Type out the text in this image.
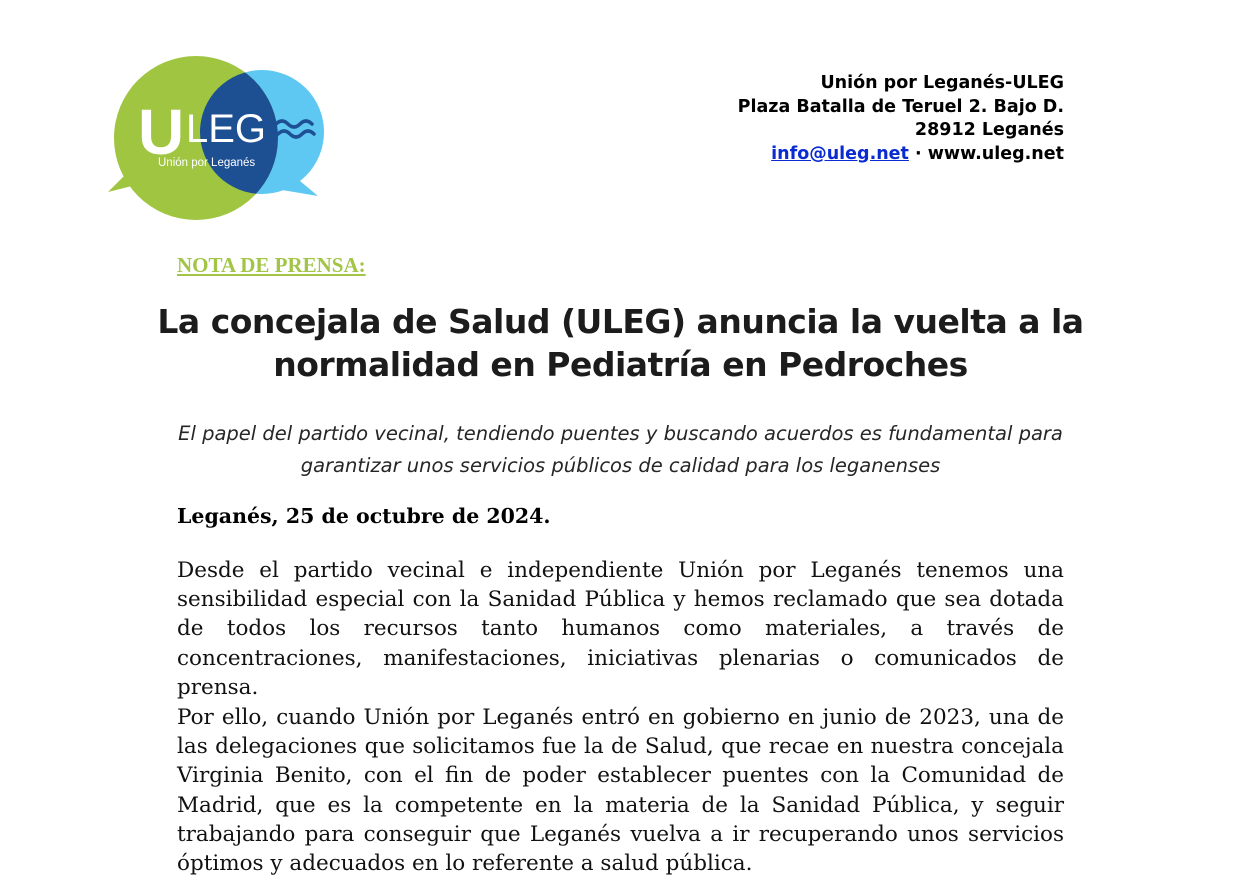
U LEG
Unión por Leganés
Unión por Leganés-ULEG
Plaza Batalla de Teruel 2. Bajo D.
28912 Leganés
info@uleg.net · www.uleg.net
NOTA DE PRENSA:
La concejala de Salud (ULEG) anuncia la vuelta a la normalidad en Pediatría en Pedroches
El papel del partido vecinal, tendiendo puentes y buscando acuerdos es fundamental para garantizar unos servicios públicos de calidad para los leganenses
Leganés, 25 de octubre de 2024.

Desde el partido vecinal e independiente Unión por Leganés tenemos una sensibilidad especial con la Sanidad Pública y hemos reclamado que sea dotada de todos los recursos tanto humanos como materiales, a través de concentraciones, manifestaciones, iniciativas plenarias o comunicados de prensa.

Por ello, cuando Unión por Leganés entró en gobierno en junio de 2023, una de las delegaciones que solicitamos fue la de Salud, que recae en nuestra concejala Virginia Benito, con el fin de poder establecer puentes con la Comunidad de Madrid, que es la competente en la materia de la Sanidad Pública, y seguir trabajando para conseguir que Leganés vuelva a ir recuperando unos servicios óptimos y adecuados en lo referente a salud pública.
